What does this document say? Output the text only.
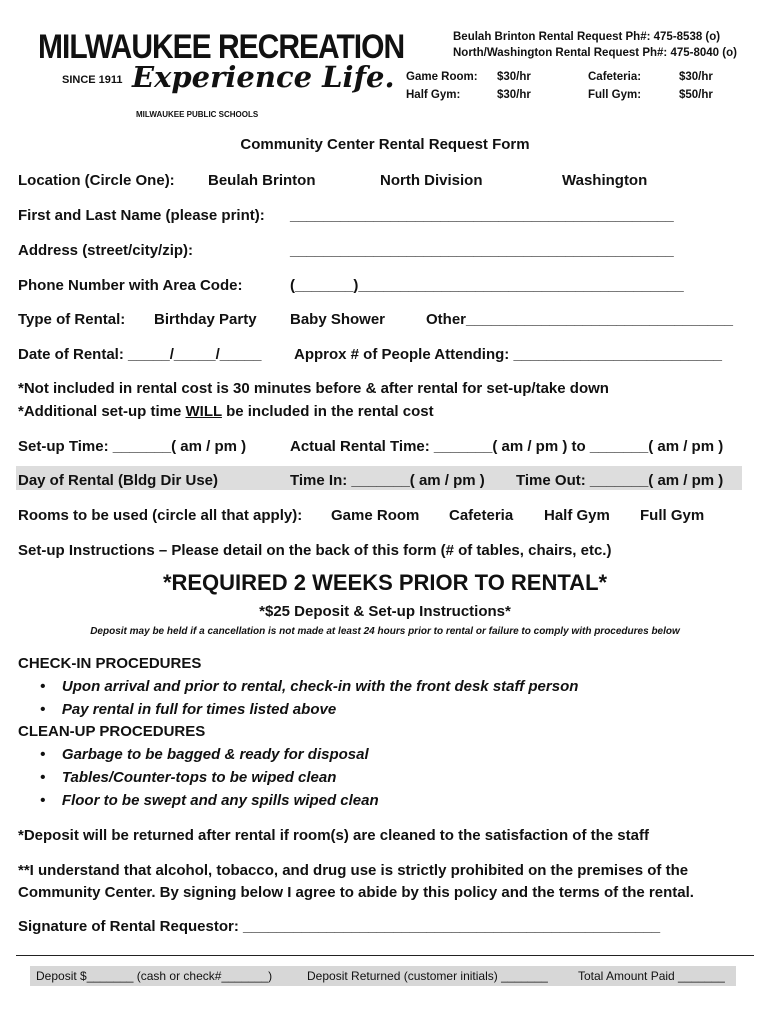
MILWAUKEE RECREATION
SINCE 1911 Experience Life.
MILWAUKEE PUBLIC SCHOOLS
Beulah Brinton Rental Request Ph#: 475-8538 (o)
North/Washington Rental Request Ph#: 475-8040 (o)
Game Room: $30/hr	Cafeteria:	$30/hr
Half Gym:	$30/hr	Full Gym:	$50/hr
Community Center Rental Request Form
Location (Circle One): Beulah Brinton	North Division	Washington
First and Last Name (please print): ______________________________________________
Address (street/city/zip):	______________________________________________
Phone Number with Area Code:	(_______)_______________________________________
Type of Rental: Birthday Party Baby Shower	Other________________________________
Date of Rental: _____/_____/_____ Approx # of People Attending: _________________________
*Not included in rental cost is 30 minutes before & after rental for set-up/take down
*Additional set-up time WILL be included in the rental cost
Set-up Time: _______( am / pm )	Actual Rental Time: _______( am / pm ) to _______( am / pm )
Day of Rental (Bldg Dir Use)	Time In: _______( am / pm ) Time Out: _______( am / pm )
Rooms to be used (circle all that apply): Game Room Cafeteria Half Gym Full Gym
Set-up Instructions – Please detail on the back of this form (# of tables, chairs, etc.)
*REQUIRED 2 WEEKS PRIOR TO RENTAL*
*$25 Deposit & Set-up Instructions*
Deposit may be held if a cancellation is not made at least 24 hours prior to rental or failure to comply with procedures below
CHECK-IN PROCEDURES
•    Upon arrival and prior to rental, check-in with the front desk staff person
•    Pay rental in full for times listed above
CLEAN-UP PROCEDURES
•    Garbage to be bagged & ready for disposal
•    Tables/Counter-tops to be wiped clean
•    Floor to be swept and any spills wiped clean
*Deposit will be returned after rental if room(s) are cleaned to the satisfaction of the staff
**I understand that alcohol, tobacco, and drug use is strictly prohibited on the premises of the
Community Center. By signing below I agree to abide by this policy and the terms of the rental.
Signature of Rental Requestor: __________________________________________________
Deposit $_______ (cash or check#_______)	Deposit Returned (customer initials) _______	Total Amount Paid _______
